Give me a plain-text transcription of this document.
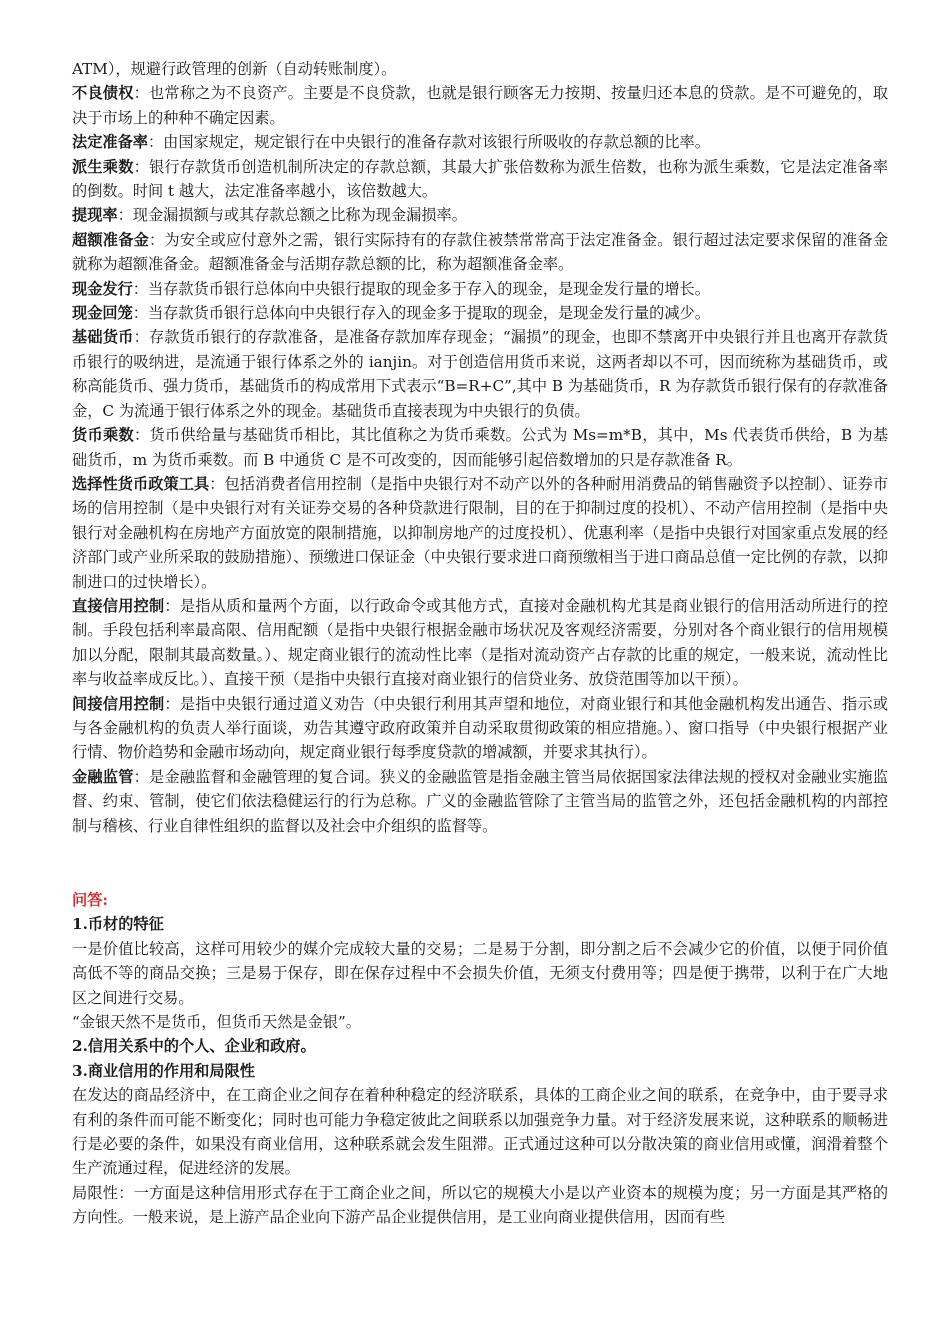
ATM），规避行政管理的创新（自动转账制度）。

不良债权：也常称之为不良资产。主要是不良贷款，也就是银行顾客无力按期、按量归还本息的贷款。是不可避免的，取决于市场上的种种不确定因素。

法定准备率：由国家规定，规定银行在中央银行的准备存款对该银行所吸收的存款总额的比率。

派生乘数：银行存款货币创造机制所决定的存款总额，其最大扩张倍数称为派生倍数，也称为派生乘数，它是法定准备率的倒数。时间 t 越大，法定准备率越小，该倍数越大。

提现率：现金漏损额与或其存款总额之比称为现金漏损率。

超额准备金：为安全或应付意外之需，银行实际持有的存款住被禁常常高于法定准备金。银行超过法定要求保留的准备金就称为超额准备金。超额准备金与活期存款总额的比，称为超额准备金率。

现金发行：当存款货币银行总体向中央银行提取的现金多于存入的现金，是现金发行量的增长。

现金回笼：当存款货币银行总体向中央银行存入的现金多于提取的现金，是现金发行量的减少。

基础货币：存款货币银行的存款准备，是准备存款加库存现金；“漏损”的现金，也即不禁离开中央银行并且也离开存款货币银行的吸纳进，是流通于银行体系之外的 ianjin。对于创造信用货币来说，这两者却以不可，因而统称为基础货币，或称高能货币、强力货币，基础货币的构成常用下式表示“B=R+C”,其中 B 为基础货币，R 为存款货币银行保有的存款准备金，C 为流通于银行体系之外的现金。基础货币直接表现为中央银行的负债。

货币乘数：货币供给量与基础货币相比，其比值称之为货币乘数。公式为 Ms=m*B，其中，Ms 代表货币供给，B 为基础货币，m 为货币乘数。而 B 中通货 C 是不可改变的，因而能够引起倍数增加的只是存款准备 R。

选择性货币政策工具：包括消费者信用控制（是指中央银行对不动产以外的各种耐用消费品的销售融资予以控制）、证券市场的信用控制（是中央银行对有关证券交易的各种贷款进行限制，目的在于抑制过度的投机）、不动产信用控制（是指中央银行对金融机构在房地产方面放宽的限制措施，以抑制房地产的过度投机）、优惠利率（是指中央银行对国家重点发展的经济部门或产业所采取的鼓励措施）、预缴进口保证金（中央银行要求进口商预缴相当于进口商品总值一定比例的存款，以抑制进口的过快增长）。

直接信用控制：是指从质和量两个方面，以行政命令或其他方式，直接对金融机构尤其是商业银行的信用活动所进行的控制。手段包括利率最高限、信用配额（是指中央银行根据金融市场状况及客观经济需要，分别对各个商业银行的信用规模加以分配，限制其最高数量。）、规定商业银行的流动性比率（是指对流动资产占存款的比重的规定，一般来说，流动性比率与收益率成反比。）、直接干预（是指中央银行直接对商业银行的信贷业务、放贷范围等加以干预）。

间接信用控制：是指中央银行通过道义劝告（中央银行利用其声望和地位，对商业银行和其他金融机构发出通告、指示或与各金融机构的负责人举行面谈，劝告其遵守政府政策并自动采取贯彻政策的相应措施。）、窗口指导（中央银行根据产业行情、物价趋势和金融市场动向，规定商业银行每季度贷款的增减额，并要求其执行）。

金融监管：是金融监督和金融管理的复合词。狭义的金融监管是指金融主管当局依据国家法律法规的授权对金融业实施监督、约束、管制，使它们依法稳健运行的行为总称。广义的金融监管除了主管当局的监管之外，还包括金融机构的内部控制与稽核、行业自律性组织的监督以及社会中介组织的监督等。

问答:

1.币材的特征

一是价值比较高，这样可用较少的媒介完成较大量的交易；二是易于分割，即分割之后不会减少它的价值，以便于同价值高低不等的商品交换；三是易于保存，即在保存过程中不会损失价值，无须支付费用等；四是便于携带，以利于在广大地区之间进行交易。

“金银天然不是货币，但货币天然是金银”。

2.信用关系中的个人、企业和政府。

3.商业信用的作用和局限性

在发达的商品经济中，在工商企业之间存在着种种稳定的经济联系，具体的工商企业之间的联系，在竞争中，由于要寻求有利的条件而可能不断变化；同时也可能力争稳定彼此之间联系以加强竞争力量。对于经济发展来说，这种联系的顺畅进行是必要的条件，如果没有商业信用，这种联系就会发生阻滞。正式通过这种可以分散决策的商业信用或懂，润滑着整个生产流通过程，促进经济的发展。

局限性：一方面是这种信用形式存在于工商企业之间，所以它的规模大小是以产业资本的规模为度；另一方面是其严格的方向性。一般来说，是上游产品企业向下游产品企业提供信用，是工业向商业提供信用，因而有些
